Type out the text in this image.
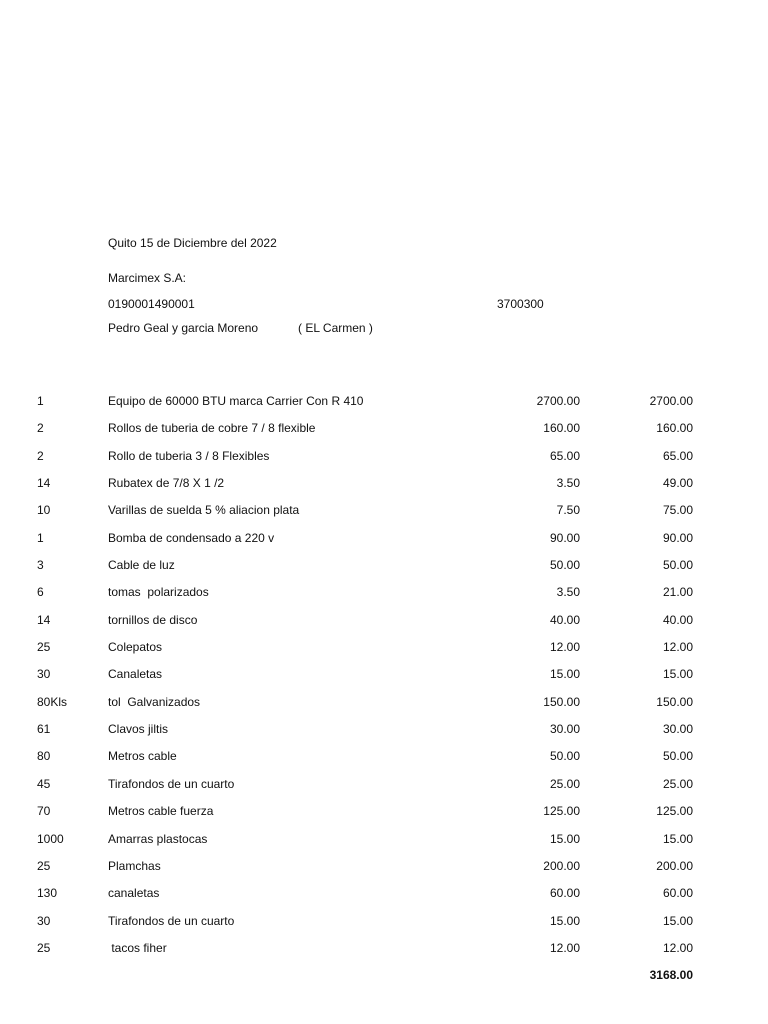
Quito 15 de Diciembre del 2022
Marcimex S.A:
0190001490001	3700300
Pedro Geal y garcia Moreno	( EL Carmen )
1	Equipo de 60000 BTU marca Carrier Con R 410	2700.00	2700.00
2	Rollos de tuberia de cobre 7 / 8 flexible	160.00	160.00
2	Rollo de tuberia 3 / 8 Flexibles	65.00	65.00
14	Rubatex de 7/8 X 1 /2	3.50	49.00
10	Varillas de suelda 5 % aliacion plata	7.50	75.00
1	Bomba de condensado a 220 v	90.00	90.00
3	Cable de luz	50.00	50.00
6	tomas  polarizados	3.50	21.00
14	tornillos de disco	40.00	40.00
25	Colepatos	12.00	12.00
30	Canaletas	15.00	15.00
80Kls	tol  Galvanizados	150.00	150.00
61	Clavos jiltis	30.00	30.00
80	Metros cable	50.00	50.00
45	Tirafondos de un cuarto	25.00	25.00
70	Metros cable fuerza	125.00	125.00
1000	Amarras plastocas	15.00	15.00
25	Plamchas	200.00	200.00
130	canaletas	60.00	60.00
30	Tirafondos de un cuarto	15.00	15.00
25	tacos fiher	12.00	12.00
3168.00
